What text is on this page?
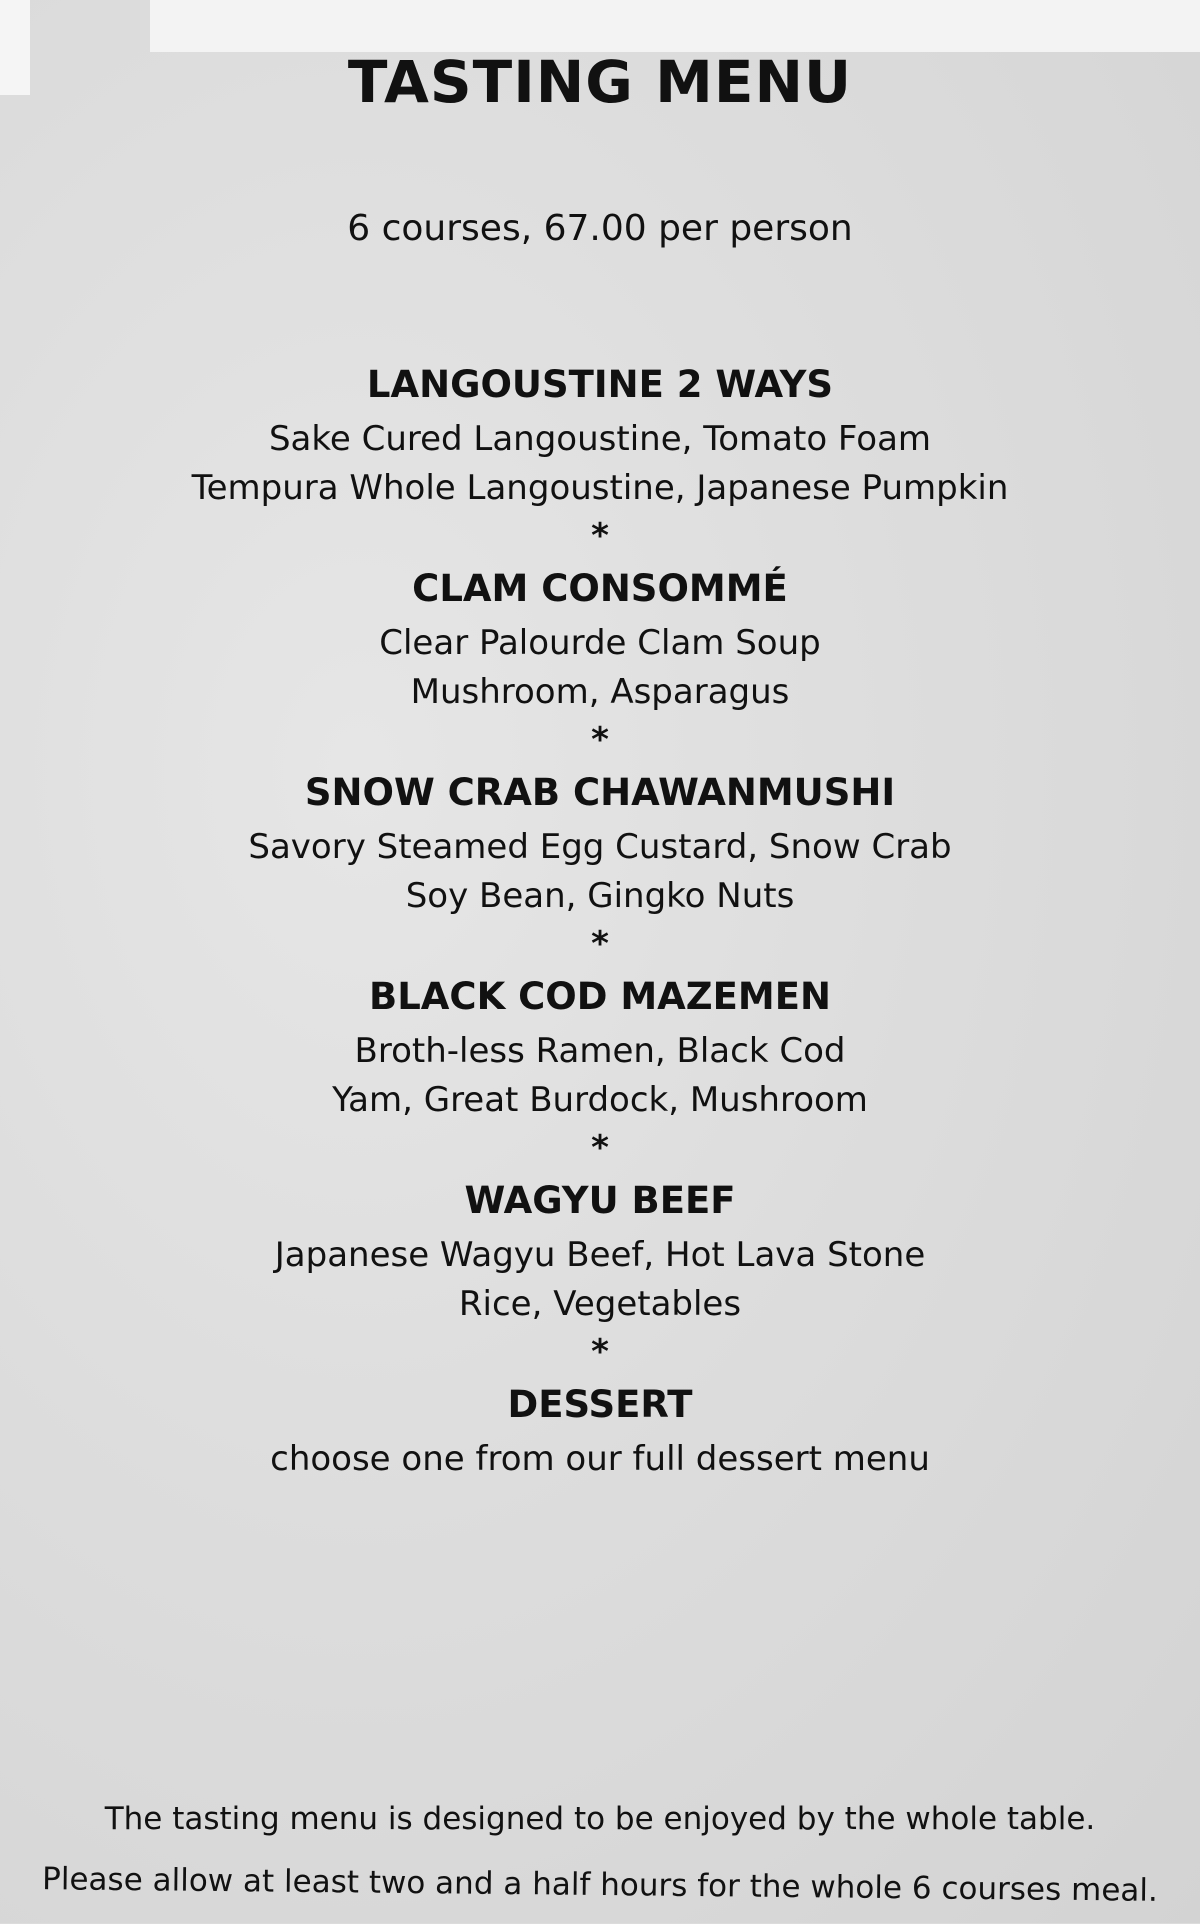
TASTING MENU
6 courses, 67.00 per person
LANGOUSTINE 2 WAYS
Sake Cured Langoustine, Tomato Foam
Tempura Whole Langoustine, Japanese Pumpkin
*
CLAM CONSOMMÉ
Clear Palourde Clam Soup
Mushroom, Asparagus
*
SNOW CRAB CHAWANMUSHI
Savory Steamed Egg Custard, Snow Crab
Soy Bean, Gingko Nuts
*
BLACK COD MAZEMEN
Broth-less Ramen, Black Cod
Yam, Great Burdock, Mushroom
*
WAGYU BEEF
Japanese Wagyu Beef, Hot Lava Stone
Rice, Vegetables
*
DESSERT
choose one from our full dessert menu
The tasting menu is designed to be enjoyed by the whole table.
Please allow at least two and a half hours for the whole 6 courses meal.
